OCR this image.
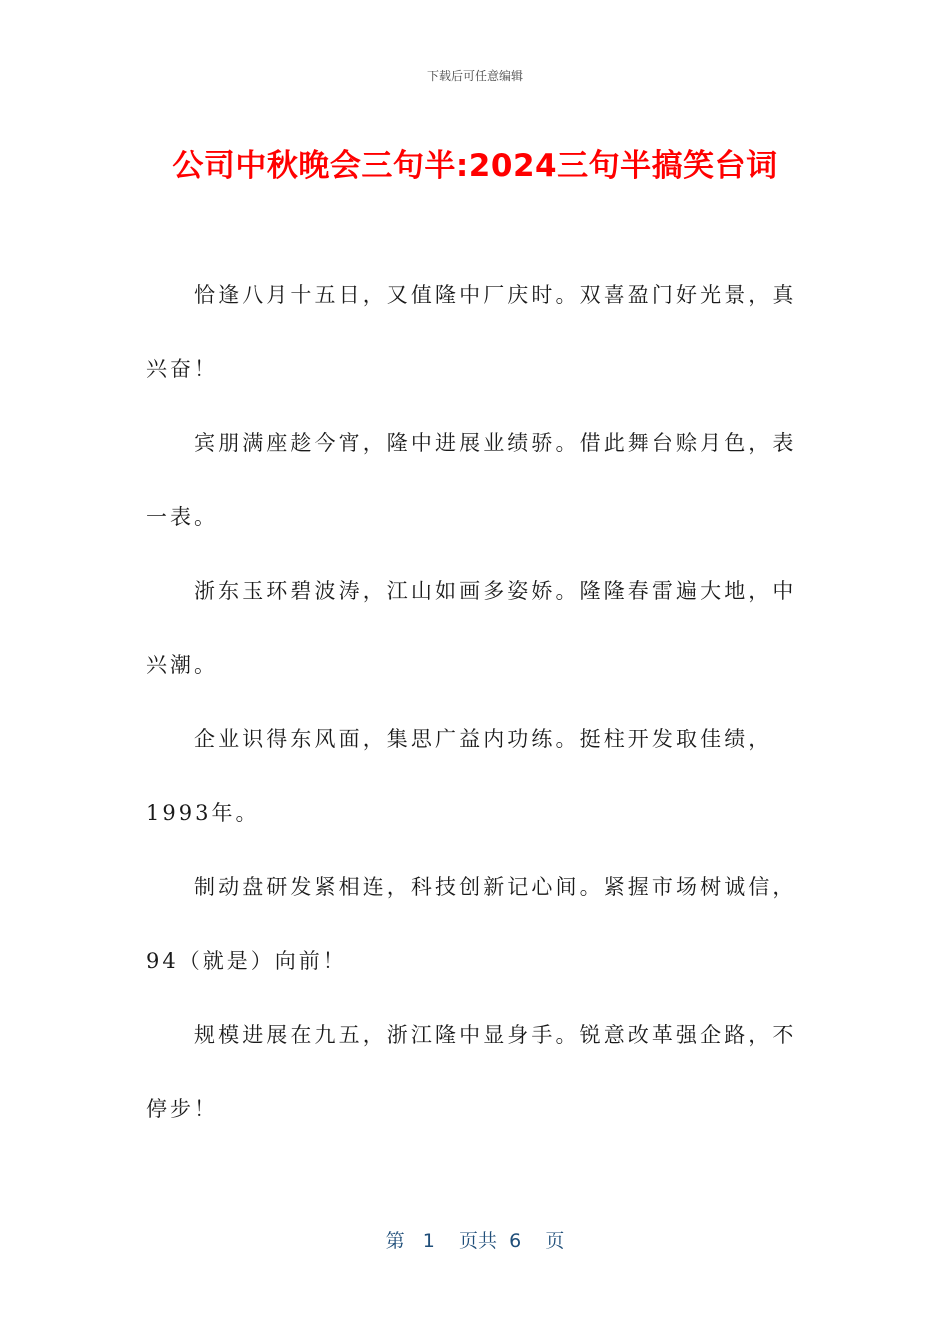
下载后可任意编辑
公司中秋晚会三句半:2024三句半搞笑台词
恰逢八月十五日，又值隆中厂庆时。双喜盈门好光景，真
兴奋！
宾朋满座趁今宵，隆中进展业绩骄。借此舞台赊月色，表
一表。
浙东玉环碧波涛，江山如画多姿娇。隆隆春雷遍大地，中
兴潮。
企业识得东风面，集思广益内功练。挺柱开发取佳绩，
1993年。
制动盘研发紧相连，科技创新记心间。紧握市场树诚信，
94（就是）向前！
规模进展在九五，浙江隆中显身手。锐意改革强企路，不
停步！
第 1 页共 6 页
